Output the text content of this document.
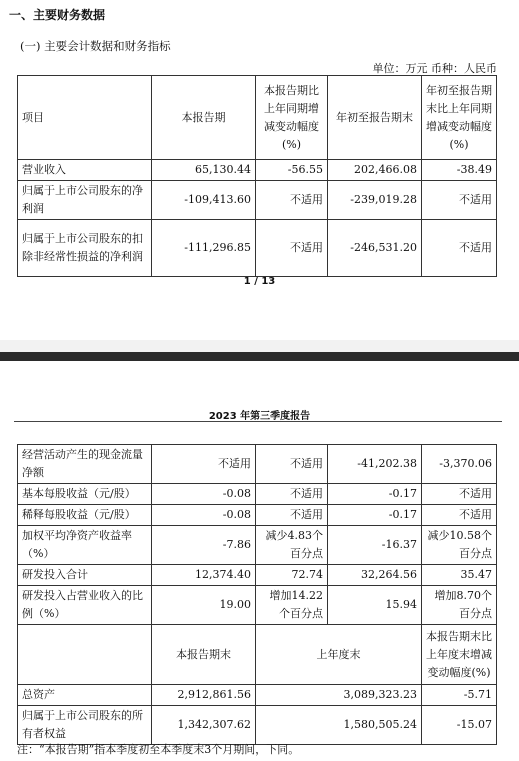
一、主要财务数据
(一) 主要会计数据和财务指标
单位：万元 币种：人民币
项目	本报告期	本报告期比上年同期增减变动幅度(%)	年初至报告期末	年初至报告期末比上年同期增减变动幅度(%)
营业收入	65,130.44	-56.55	202,466.08	-38.49
归属于上市公司股东的净利润	-109,413.60	不适用	-239,019.28	不适用
归属于上市公司股东的扣除非经常性损益的净利润	-111,296.85	不适用	-246,531.20	不适用
1 / 13
2023 年第三季度报告
经营活动产生的现金流量净额	不适用	不适用	-41,202.38	-3,370.06
基本每股收益（元/股）	-0.08	不适用	-0.17	不适用
稀释每股收益（元/股）	-0.08	不适用	-0.17	不适用
加权平均净资产收益率（%）	-7.86	减少4.83个百分点	-16.37	减少10.58个百分点
研发投入合计	12,374.40	72.74	32,264.56	35.47
研发投入占营业收入的比例（%）	19.00	增加14.22个百分点	15.94	增加8.70个百分点
	本报告期末	上年度末		本报告期末比上年度末增减变动幅度(%)
总资产	2,912,861.56	3,089,323.23		-5.71
归属于上市公司股东的所有者权益	1,342,307.62	1,580,505.24		-15.07
注：“本报告期”指本季度初至本季度末3个月期间，下同。
